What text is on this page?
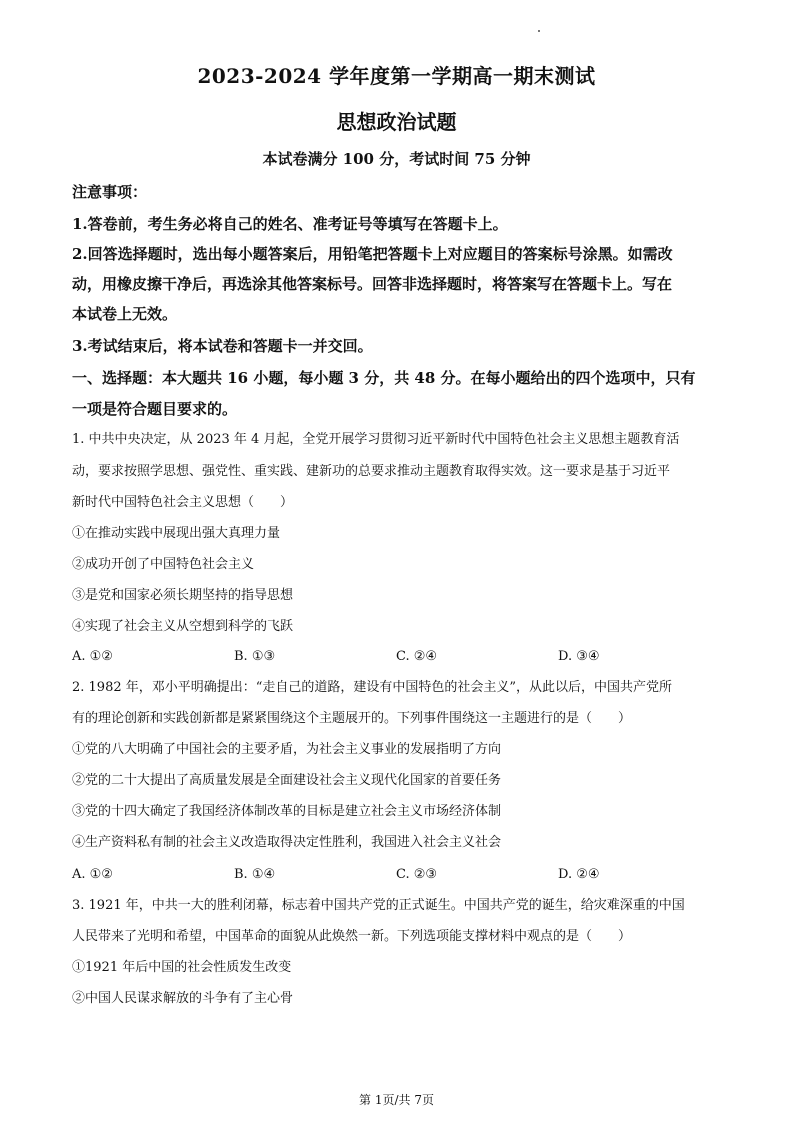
2023-2024 学年度第一学期高一期末测试
思想政治试题
本试卷满分 100 分，考试时间 75 分钟
注意事项：
1.答卷前，考生务必将自己的姓名、准考证号等填写在答题卡上。
2.回答选择题时，选出每小题答案后，用铅笔把答题卡上对应题目的答案标号涂黑。如需改
动，用橡皮擦干净后，再选涂其他答案标号。回答非选择题时，将答案写在答题卡上。写在
本试卷上无效。
3.考试结束后，将本试卷和答题卡一并交回。
一、选择题：本大题共 16 小题，每小题 3 分，共 48 分。在每小题给出的四个选项中，只有
一项是符合题目要求的。
1. 中共中央决定，从 2023 年 4 月起，全党开展学习贯彻习近平新时代中国特色社会主义思想主题教育活
动，要求按照学思想、强党性、重实践、建新功的总要求推动主题教育取得实效。这一要求是基于习近平
新时代中国特色社会主义思想（　　）
①在推动实践中展现出强大真理力量
②成功开创了中国特色社会主义
③是党和国家必须长期坚持的指导思想
④实现了社会主义从空想到科学的飞跃
A. ①②	B. ①③	C. ②④	D. ③④
2. 1982 年，邓小平明确提出：“走自己的道路，建设有中国特色的社会主义”，从此以后，中国共产党所
有的理论创新和实践创新都是紧紧围绕这个主题展开的。下列事件围绕这一主题进行的是（　　）
①党的八大明确了中国社会的主要矛盾，为社会主义事业的发展指明了方向
②党的二十大提出了高质量发展是全面建设社会主义现代化国家的首要任务
③党的十四大确定了我国经济体制改革的目标是建立社会主义市场经济体制
④生产资料私有制的社会主义改造取得决定性胜利，我国进入社会主义社会
A. ①②	B. ①④	C. ②③	D. ②④
3. 1921 年，中共一大的胜利闭幕，标志着中国共产党的正式诞生。中国共产党的诞生，给灾难深重的中国
人民带来了光明和希望，中国革命的面貌从此焕然一新。下列选项能支撑材料中观点的是（　　）
①1921 年后中国的社会性质发生改变
②中国人民谋求解放的斗争有了主心骨
第 1页/共 7页
